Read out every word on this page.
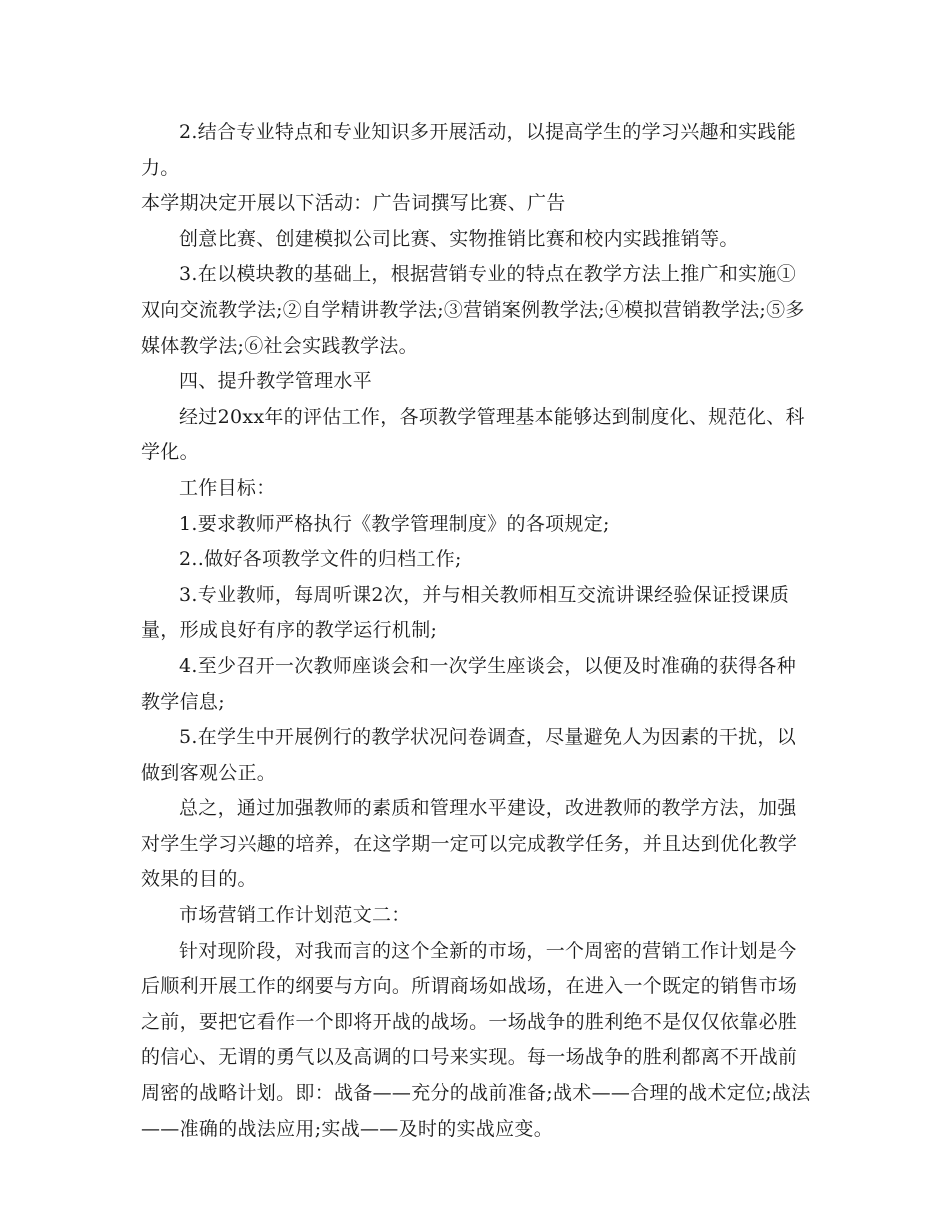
2.结合专业特点和专业知识多开展活动，以提高学生的学习兴趣和实践能力。

本学期决定开展以下活动：广告词撰写比赛、广告

创意比赛、创建模拟公司比赛、实物推销比赛和校内实践推销等。

3.在以模块教的基础上，根据营销专业的特点在教学方法上推广和实施①双向交流教学法;②自学精讲教学法;③营销案例教学法;④模拟营销教学法;⑤多媒体教学法;⑥社会实践教学法。

四、提升教学管理水平

经过20xx年的评估工作，各项教学管理基本能够达到制度化、规范化、科学化。

工作目标：

1.要求教师严格执行《教学管理制度》的各项规定;

2..做好各项教学文件的归档工作;

3.专业教师，每周听课2次，并与相关教师相互交流讲课经验保证授课质量，形成良好有序的教学运行机制;

4.至少召开一次教师座谈会和一次学生座谈会，以便及时准确的获得各种教学信息;

5.在学生中开展例行的教学状况问卷调查，尽量避免人为因素的干扰，以做到客观公正。

总之，通过加强教师的素质和管理水平建设，改进教师的教学方法，加强对学生学习兴趣的培养，在这学期一定可以完成教学任务，并且达到优化教学效果的目的。

市场营销工作计划范文二：

针对现阶段，对我而言的这个全新的市场，一个周密的营销工作计划是今后顺利开展工作的纲要与方向。所谓商场如战场，在进入一个既定的销售市场之前，要把它看作一个即将开战的战场。一场战争的胜利绝不是仅仅依靠必胜的信心、无谓的勇气以及高调的口号来实现。每一场战争的胜利都离不开战前周密的战略计划。即：战备——充分的战前准备;战术——合理的战术定位;战法——准确的战法应用;实战——及时的实战应变。
